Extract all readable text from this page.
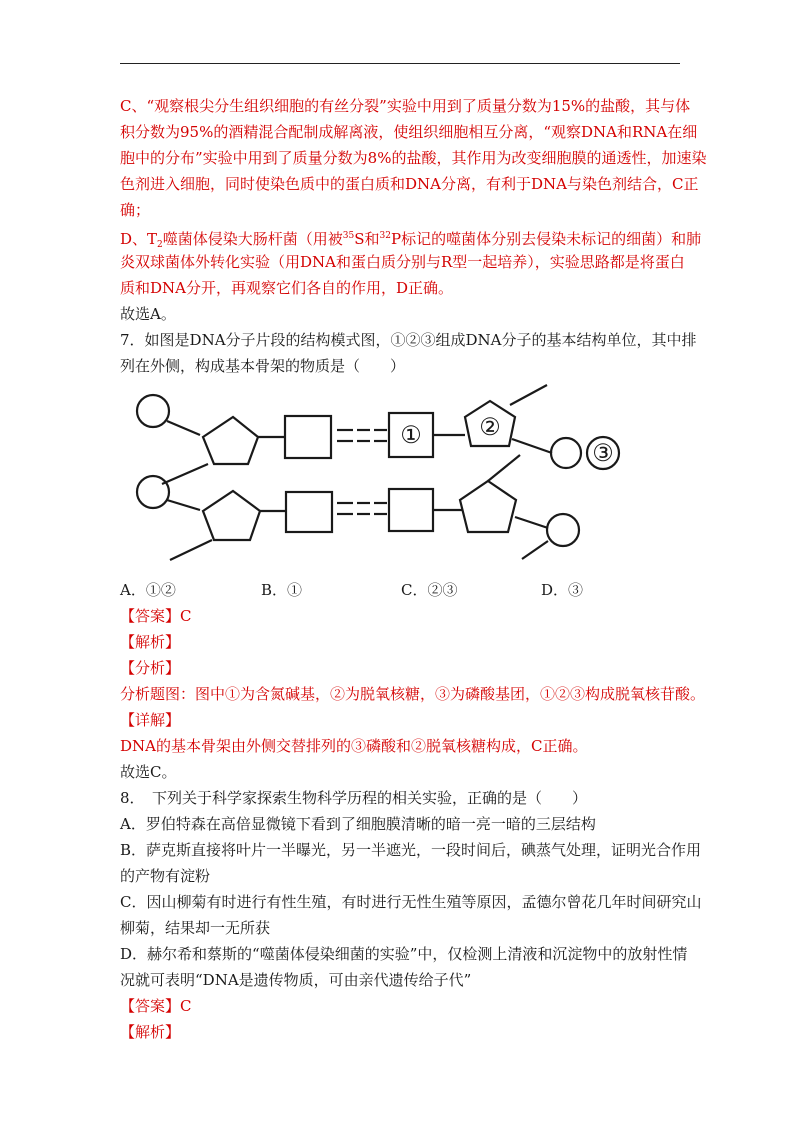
C、“观察根尖分生组织细胞的有丝分裂”实验中用到了质量分数为15%的盐酸，其与体
积分数为95%的酒精混合配制成解离液，使组织细胞相互分离，“观察DNA和RNA在细
胞中的分布”实验中用到了质量分数为8%的盐酸，其作用为改变细胞膜的通透性，加速染
色剂进入细胞，同时使染色质中的蛋白质和DNA分离，有利于DNA与染色剂结合，C正
确；
D、$T_2$噬菌体侵染大肠杆菌（用被$^{35}$S和$^{32}$P标记的噬菌体分别去侵染未标记的细菌）和肺
炎双球菌体外转化实验（用DNA和蛋白质分别与R型一起培养），实验思路都是将蛋白
质和DNA分开，再观察它们各自的作用，D正确。
故选A。
7．如图是DNA分子片段的结构模式图，①②③组成DNA分子的基本结构单位，其中排
列在外侧，构成基本骨架的物质是（　　）
① ②
③
A．①②	B．①	C．②③	D．③
【答案】C
【解析】
【分析】
分析题图：图中①为含氮碱基，②为脱氧核糖，③为磷酸基团，①②③构成脱氧核苷酸。
【详解】
DNA的基本骨架由外侧交替排列的③磷酸和②脱氧核糖构成，C正确。
故选C。
8．　下列关于科学家探索生物科学历程的相关实验，正确的是（　　）
A．罗伯特森在高倍显微镜下看到了细胞膜清晰的暗一亮一暗的三层结构
B．萨克斯直接将叶片一半曝光，另一半遮光，一段时间后，碘蒸气处理，证明光合作用
的产物有淀粉
C．因山柳菊有时进行有性生殖，有时进行无性生殖等原因，孟德尔曾花几年时间研究山
柳菊，结果却一无所获
D．赫尔希和蔡斯的“噬菌体侵染细菌的实验”中，仅检测上清液和沉淀物中的放射性情
况就可表明“DNA是遗传物质，可由亲代遗传给子代”
【答案】C
【解析】
